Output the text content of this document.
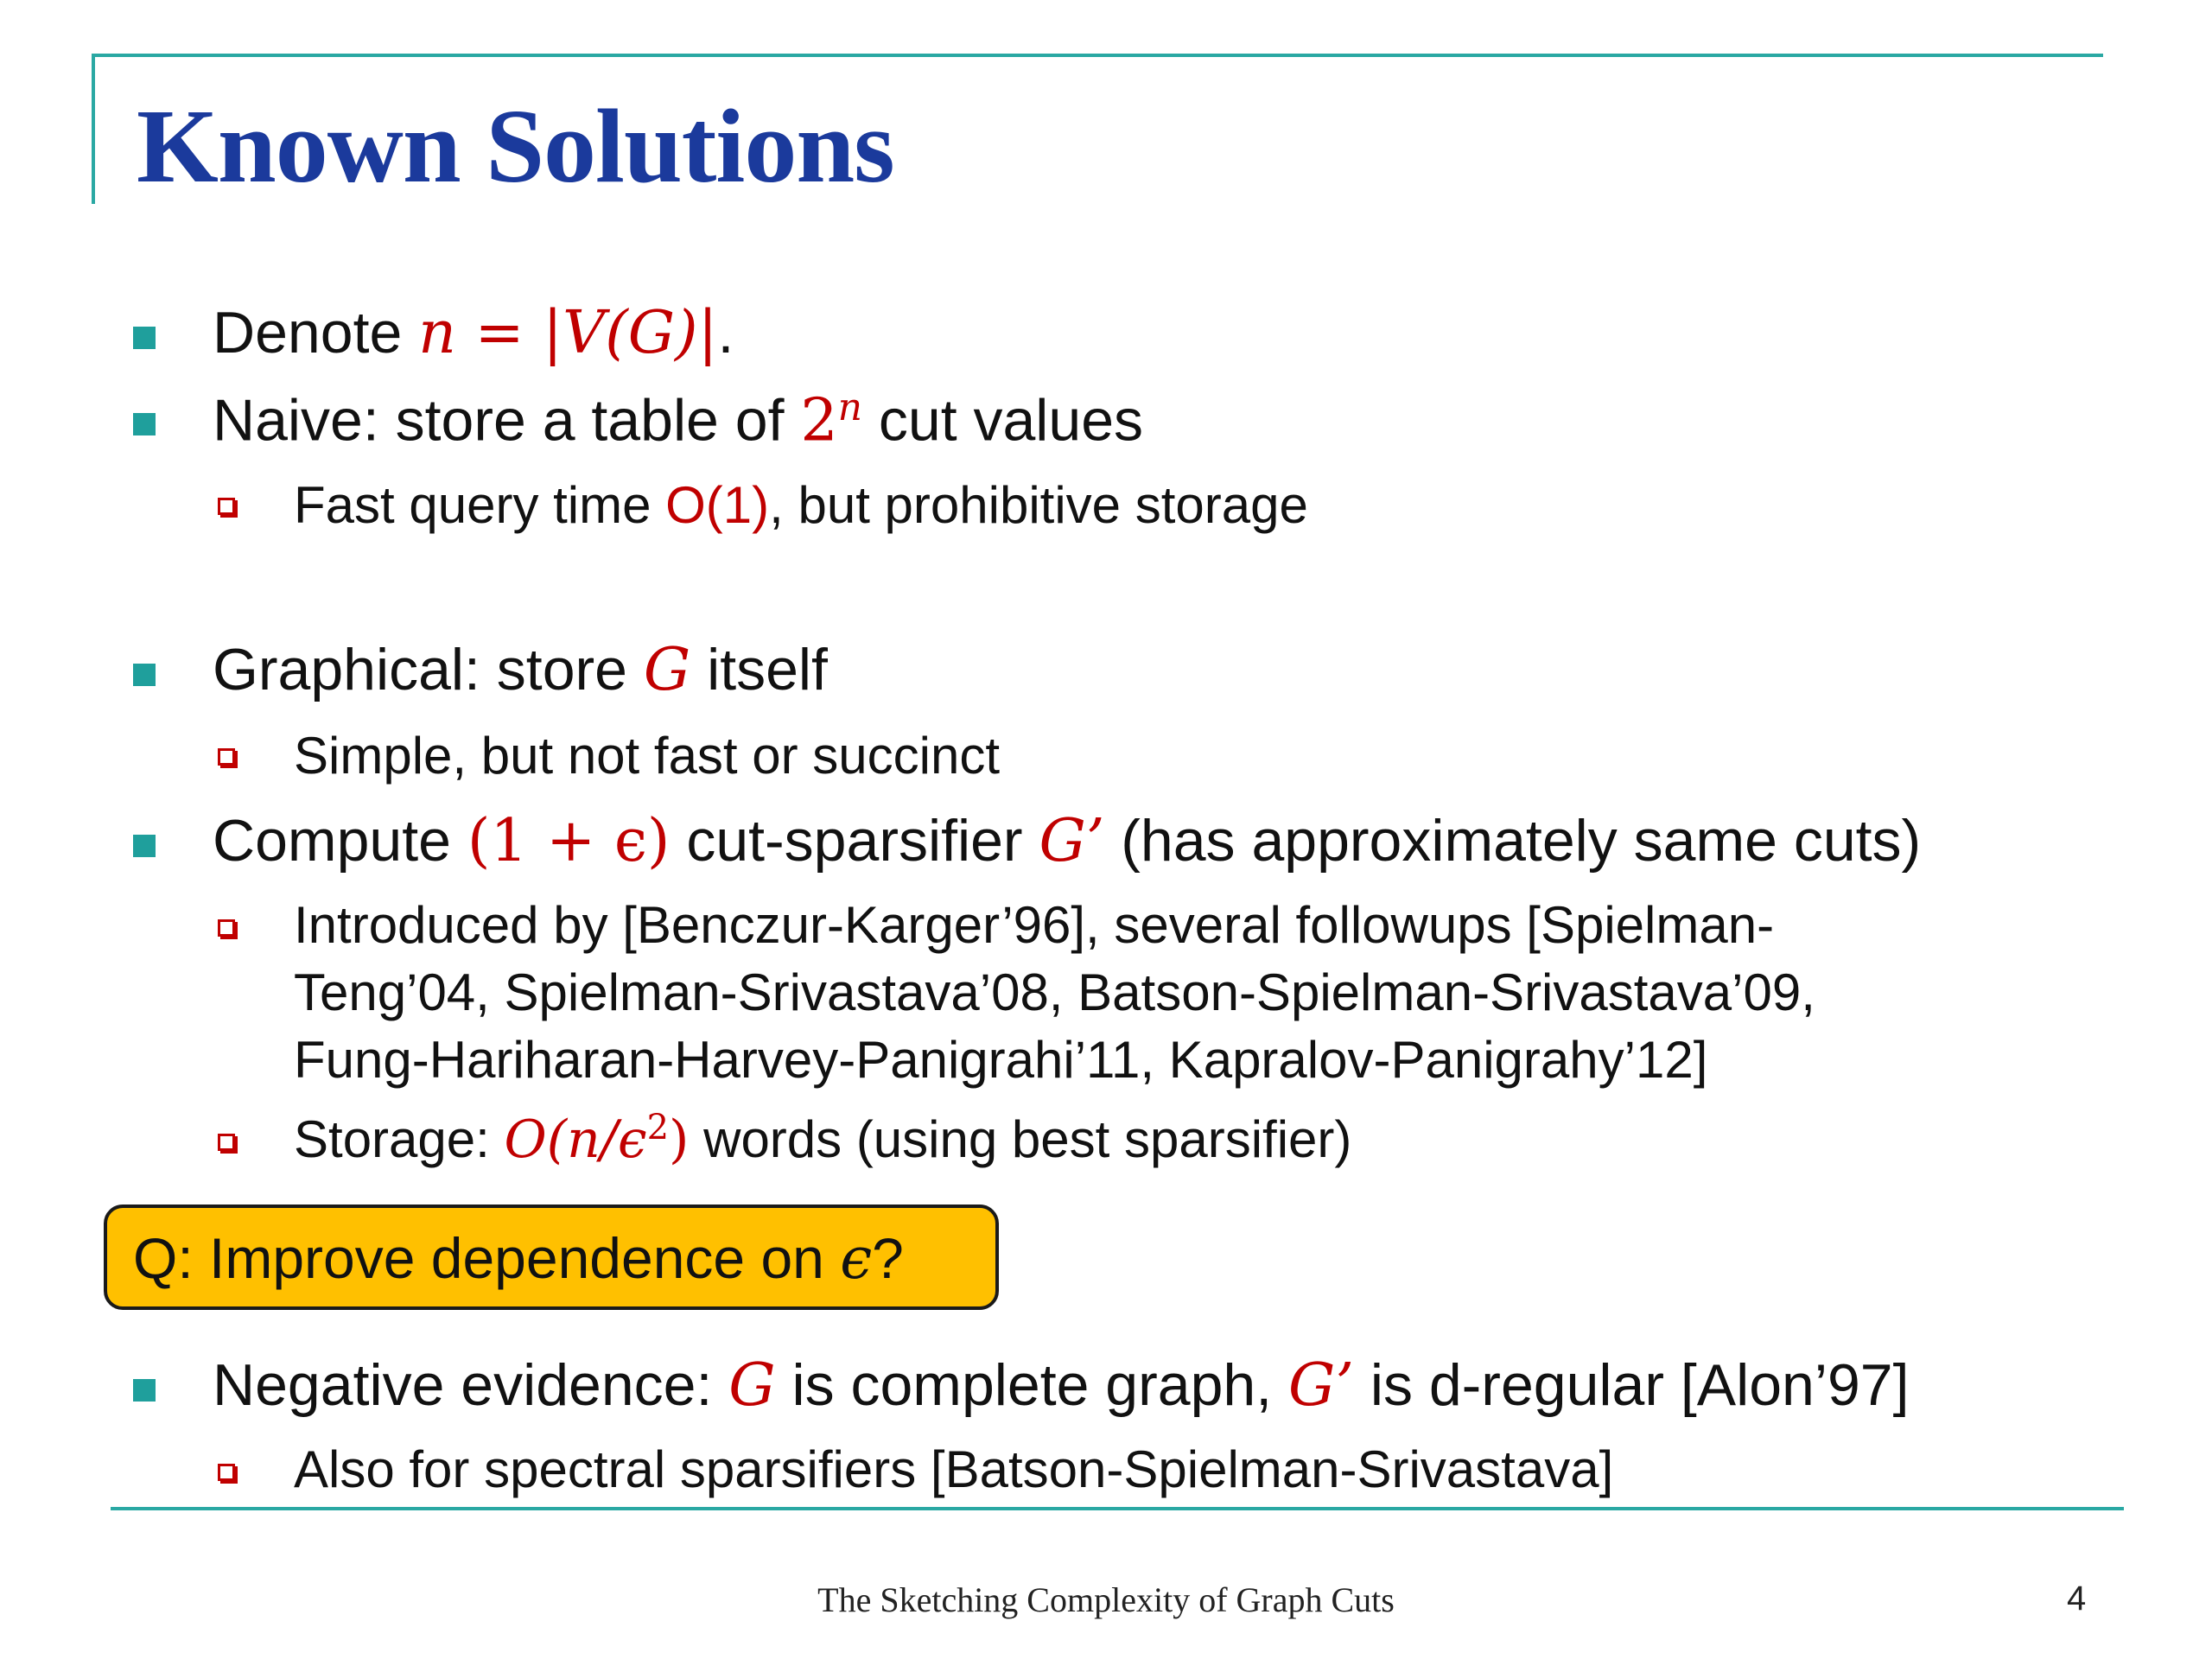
Known Solutions
Denote n = |V(G)|.
Naive: store a table of 2$^n$ cut values
Fast query time O(1), but prohibitive storage
Graphical: store G itself
Simple, but not fast or succinct
Compute (1 + ϵ) cut-sparsifier G’ (has approximately same cuts)
Introduced by [Benczur-Karger’96], several followups [Spielman-
Teng’04, Spielman-Srivastava’08, Batson-Spielman-Srivastava’09,
Fung-Hariharan-Harvey-Panigrahi’11, Kapralov-Panigrahy’12]
Storage: $O(n/\epsilon^2)$ words (using best sparsifier)
Q: Improve dependence on ϵ?
Negative evidence: G is complete graph, G’ is d-regular [Alon’97]
Also for spectral sparsifiers [Batson-Spielman-Srivastava]
The Sketching Complexity of Graph Cuts	4
